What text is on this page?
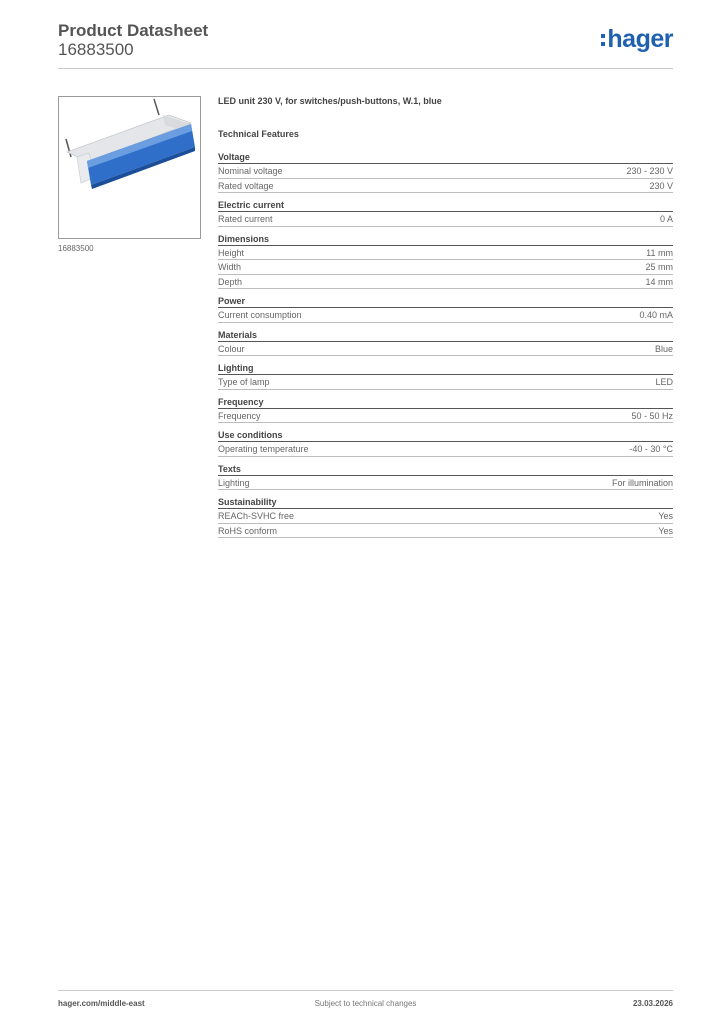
Product Datasheet
16883500	hager
16883500
LED unit 230 V, for switches/push-buttons, W.1, blue
Technical Features
Voltage
Nominal voltage	230 - 230 V
Rated voltage	230 V
Electric current
Rated current	0 A
Dimensions
Height	11 mm
Width	25 mm
Depth	14 mm
Power
Current consumption	0.40 mA
Materials
Colour	Blue
Lighting
Type of lamp	LED
Frequency
Frequency	50 - 50 Hz
Use conditions
Operating temperature	-40 - 30 °C
Texts
Lighting	For illumination
Sustainability
REACh-SVHC free	Yes
RoHS conform	Yes
hager.com/middle-east	Subject to technical changes	23.03.2026
